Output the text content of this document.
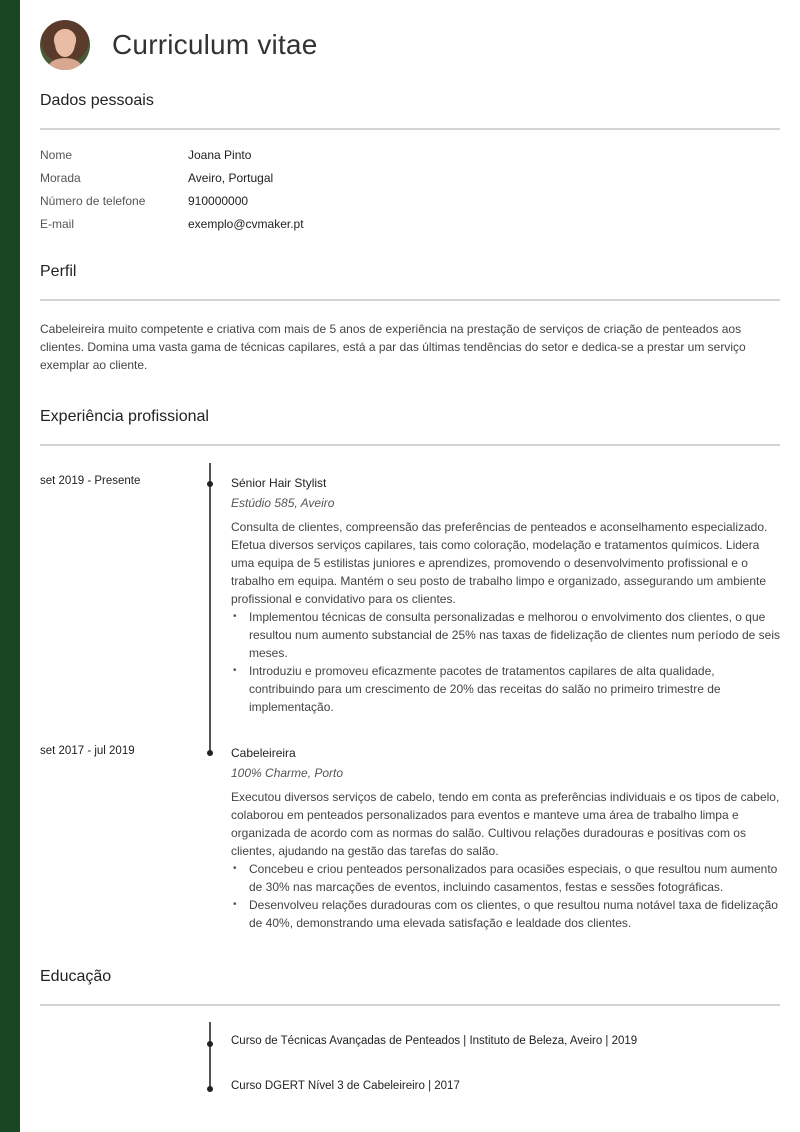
Curriculum vitae
Dados pessoais
Nome	Joana Pinto
Morada	Aveiro, Portugal
Número de telefone	910000000
E-mail	exemplo@cvmaker.pt
Perfil
Cabeleireira muito competente e criativa com mais de 5 anos de experiência na prestação de serviços de criação de penteados aos clientes. Domina uma vasta gama de técnicas capilares, está a par das últimas tendências do setor e dedica-se a prestar um serviço exemplar ao cliente.
Experiência profissional
set 2019 - Presente	Sénior Hair Stylist
Estúdio 585, Aveiro
Consulta de clientes, compreensão das preferências de penteados e aconselhamento especializado. Efetua diversos serviços capilares, tais como coloração, modelação e tratamentos químicos. Lidera uma equipa de 5 estilistas juniores e aprendizes, promovendo o desenvolvimento profissional e o trabalho em equipa. Mantém o seu posto de trabalho limpo e organizado, assegurando um ambiente profissional e convidativo para os clientes.
• Implementou técnicas de consulta personalizadas e melhorou o envolvimento dos clientes, o que resultou num aumento substancial de 25% nas taxas de fidelização de clientes num período de seis meses.
• Introduziu e promoveu eficazmente pacotes de tratamentos capilares de alta qualidade, contribuindo para um crescimento de 20% das receitas do salão no primeiro trimestre de implementação.
set 2017 - jul 2019	Cabeleireira
100% Charme, Porto
Executou diversos serviços de cabelo, tendo em conta as preferências individuais e os tipos de cabelo, colaborou em penteados personalizados para eventos e manteve uma área de trabalho limpa e organizada de acordo com as normas do salão. Cultivou relações duradouras e positivas com os clientes, ajudando na gestão das tarefas do salão.
• Concebeu e criou penteados personalizados para ocasiões especiais, o que resultou num aumento de 30% nas marcações de eventos, incluindo casamentos, festas e sessões fotográficas.
• Desenvolveu relações duradouras com os clientes, o que resultou numa notável taxa de fidelização de 40%, demonstrando uma elevada satisfação e lealdade dos clientes.
Educação
Curso de Técnicas Avançadas de Penteados | Instituto de Beleza, Aveiro | 2019
Curso DGERT Nível 3 de Cabeleireiro | 2017
